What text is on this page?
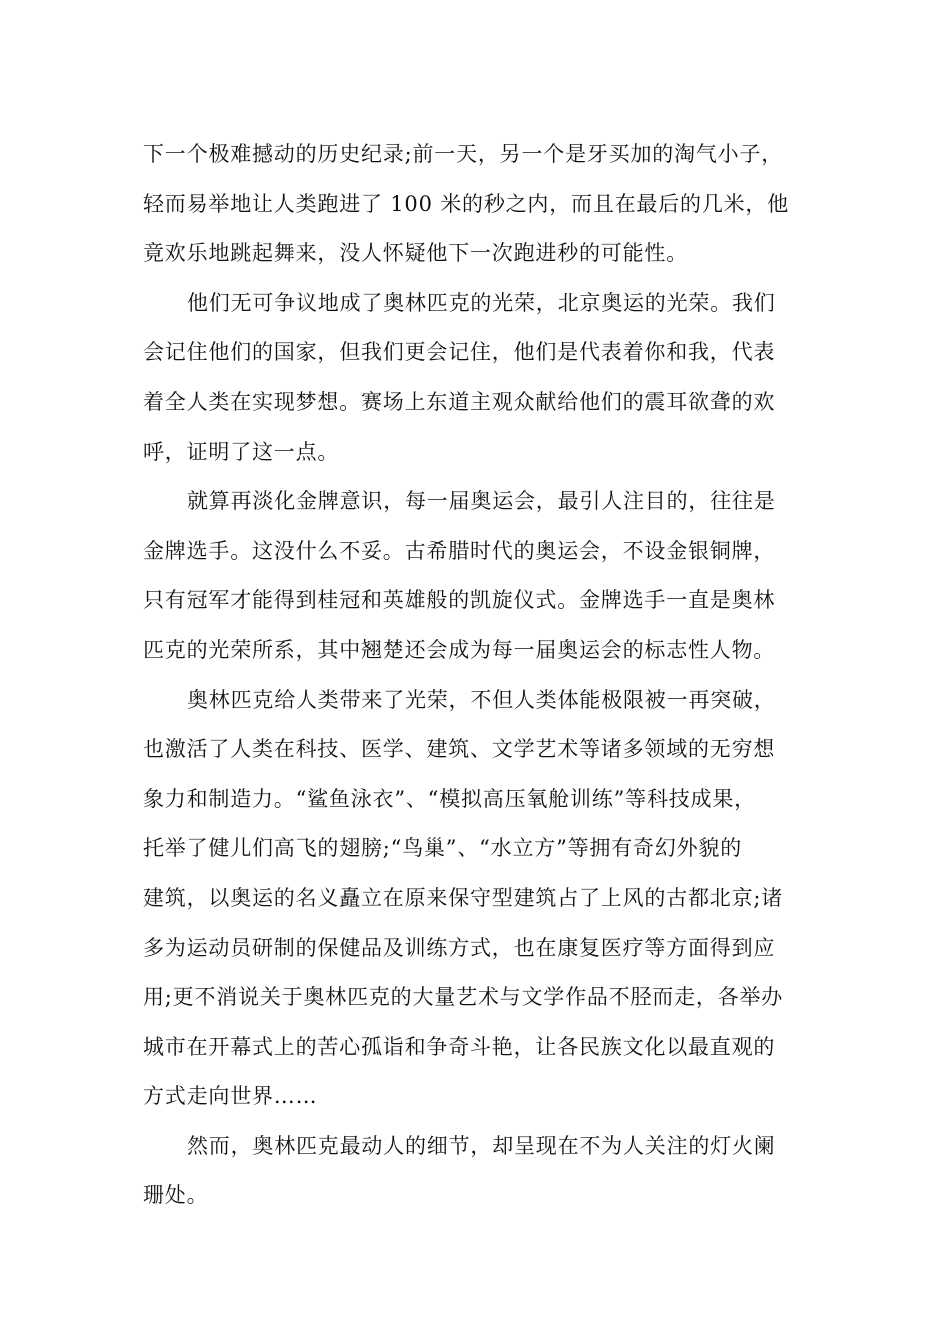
下一个极难撼动的历史纪录;前一天，另一个是牙买加的淘气小子，
轻而易举地让人类跑进了 100 米的秒之内，而且在最后的几米，他
竟欢乐地跳起舞来，没人怀疑他下一次跑进秒的可能性。
他们无可争议地成了奥林匹克的光荣，北京奥运的光荣。我们
会记住他们的国家，但我们更会记住，他们是代表着你和我，代表
着全人类在实现梦想。赛场上东道主观众献给他们的震耳欲聋的欢
呼，证明了这一点。
就算再淡化金牌意识，每一届奥运会，最引人注目的，往往是
金牌选手。这没什么不妥。古希腊时代的奥运会，不设金银铜牌，
只有冠军才能得到桂冠和英雄般的凯旋仪式。金牌选手一直是奥林
匹克的光荣所系，其中翘楚还会成为每一届奥运会的标志性人物。
奥林匹克给人类带来了光荣，不但人类体能极限被一再突破，
也激活了人类在科技、医学、建筑、文学艺术等诸多领域的无穷想
象力和制造力。“鲨鱼泳衣”、“模拟高压氧舱训练”等科技成果，
托举了健儿们高飞的翅膀;“鸟巢”、“水立方”等拥有奇幻外貌的
建筑，以奥运的名义矗立在原来保守型建筑占了上风的古都北京;诸
多为运动员研制的保健品及训练方式，也在康复医疗等方面得到应
用;更不消说关于奥林匹克的大量艺术与文学作品不胫而走，各举办
城市在开幕式上的苦心孤诣和争奇斗艳，让各民族文化以最直观的
方式走向世界……
然而，奥林匹克最动人的细节，却呈现在不为人关注的灯火阑
珊处。
